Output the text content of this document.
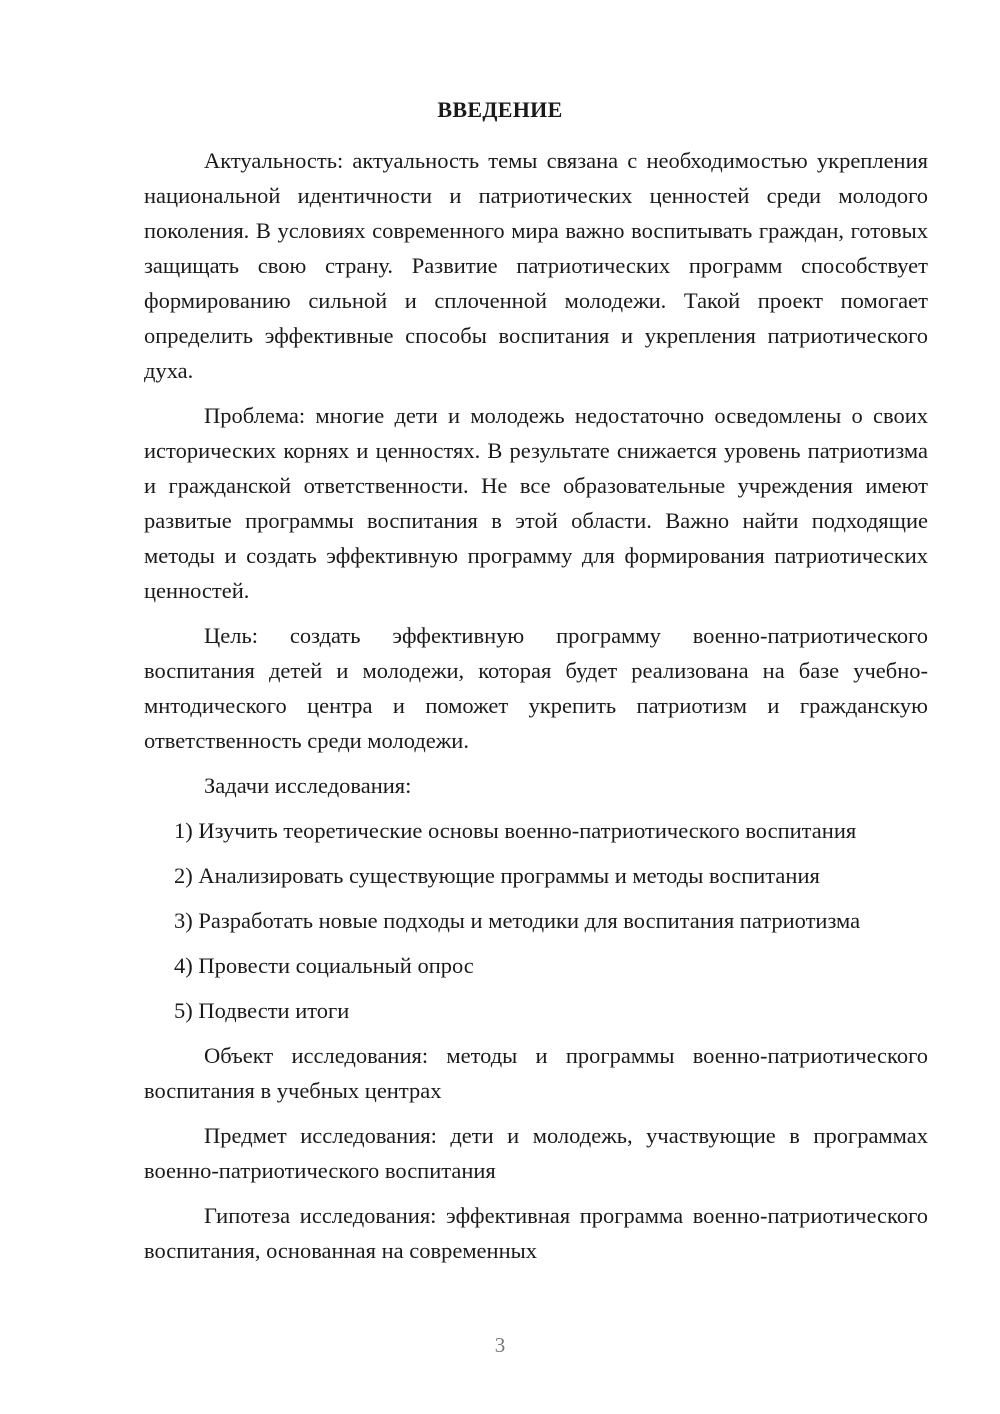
ВВЕДЕНИЕ

Актуальность: актуальность темы связана с необходимостью укрепления национальной идентичности и патриотических ценностей среди молодого поколения. В условиях современного мира важно воспитывать граждан, готовых защищать свою страну. Развитие патриотических программ способствует формированию сильной и сплоченной молодежи. Такой проект помогает определить эффективные способы воспитания и укрепления патриотического духа.

Проблема: многие дети и молодежь недостаточно осведомлены о своих исторических корнях и ценностях. В результате снижается уровень патриотизма и гражданской ответственности. Не все образовательные учреждения имеют развитые программы воспитания в этой области. Важно найти подходящие методы и создать эффективную программу для формирования патриотических ценностей.

Цель: создать эффективную программу военно-патриотического воспитания детей и молодежи, которая будет реализована на базе учебно-мнтодического центра и поможет укрепить патриотизм и гражданскую ответственность среди молодежи.

Задачи исследования:

1) Изучить теоретические основы военно-патриотического воспитания

2) Анализировать существующие программы и методы воспитания

3) Разработать новые подходы и методики для воспитания патриотизма

4) Провести социальный опрос

5) Подвести итоги

Объект исследования: методы и программы военно-патриотического воспитания в учебных центрах

Предмет исследования: дети и молодежь, участвующие в программах военно-патриотического воспитания

Гипотеза исследования: эффективная программа военно-патриотического воспитания, основанная на современных

3
